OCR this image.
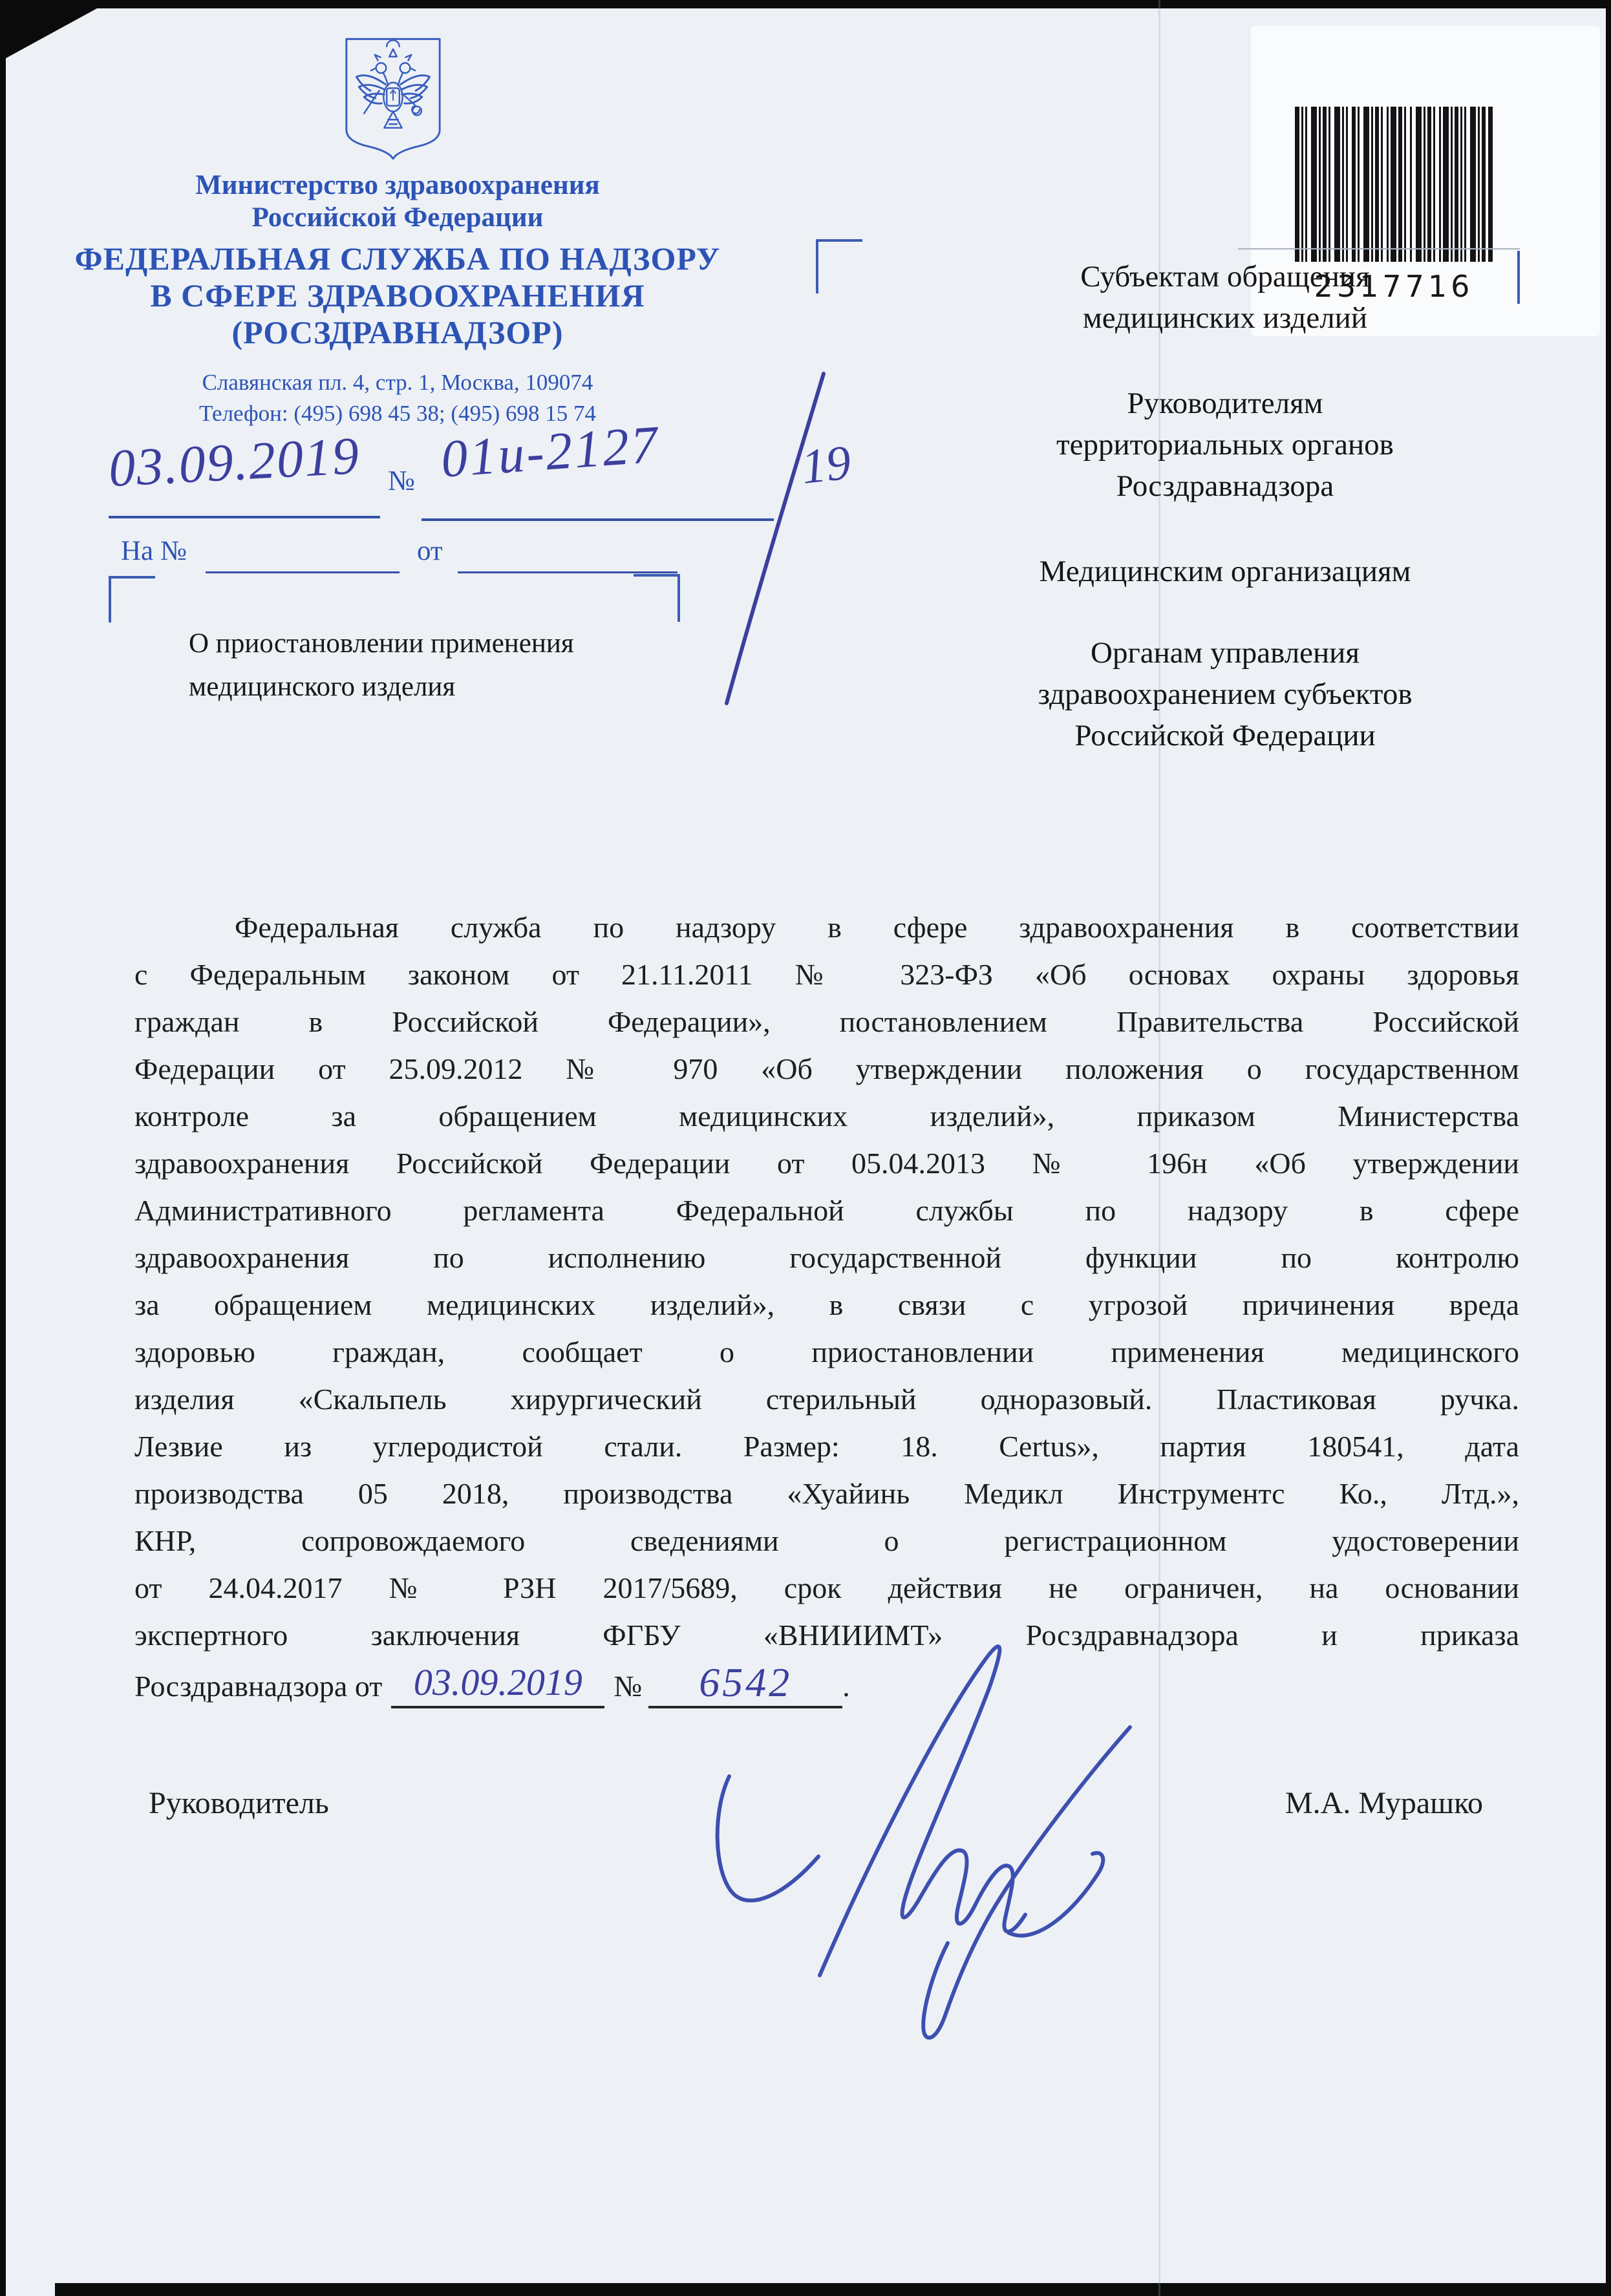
Министерство здравоохранения
Российской Федерации
ФЕДЕРАЛЬНАЯ СЛУЖБА ПО НАДЗОРУ
В СФЕРЕ ЗДРАВООХРАНЕНИЯ
(РОСЗДРАВНАДЗОР)
Славянская пл. 4, стр. 1, Москва, 109074
Телефон: (495) 698 45 38; (495) 698 15 74
2317716
03.09.2019 № 01и-2127	19
На №	от
О приостановлении применения
медицинского изделия
Субъектам обращения
медицинских изделий
Руководителям
территориальных органов
Росздравнадзора
Медицинским организациям
Органам управления
здравоохранением субъектов
Российской Федерации
Федеральная служба по надзору в сфере здравоохранения в соответствии
с Федеральным законом от 21.11.2011 № 323-ФЗ «Об основах охраны здоровья
граждан в Российской Федерации», постановлением Правительства Российской
Федерации от 25.09.2012 № 970 «Об утверждении положения о государственном
контроле за обращением медицинских изделий», приказом Министерства
здравоохранения Российской Федерации от 05.04.2013 № 196н «Об утверждении
Административного регламента Федеральной службы по надзору в сфере
здравоохранения по исполнению государственной функции по контролю
за обращением медицинских изделий», в связи с угрозой причинения вреда
здоровью граждан, сообщает о приостановлении применения медицинского
изделия «Скальпель хирургический стерильный одноразовый. Пластиковая ручка.
Лезвие из углеродистой стали. Размер: 18. Certus», партия 180541, дата
производства 05 2018, производства «Хуайинь Медикл Инструментс Ко., Лтд.»,
КНР, сопровождаемого сведениями о регистрационном удостоверении
от 24.04.2017 № РЗН 2017/5689, срок действия не ограничен, на основании
экспертного заключения ФГБУ «ВНИИИМТ» Росздравнадзора и приказа
Росздравнадзора от 03.09.2019	№	6542	.
Руководитель	М.А. Мурашко
